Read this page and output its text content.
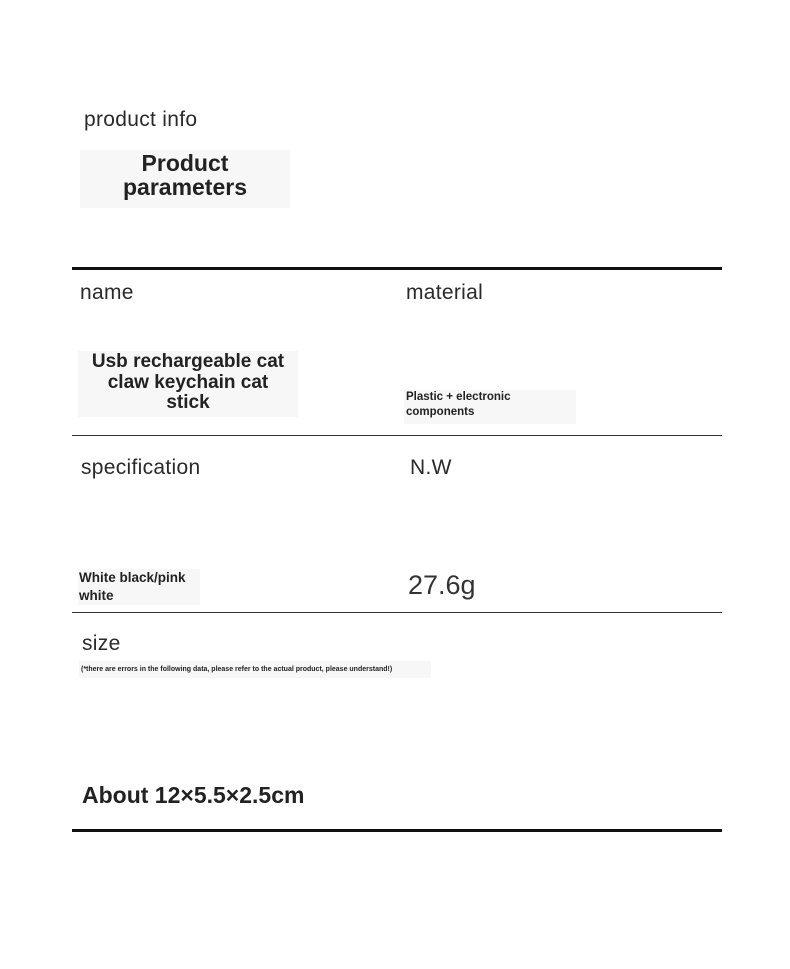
product info
Product
parameters
name	material
Usb rechargeable cat
claw keychain cat
stick	Plastic + electronic
components
specification	N.W
White black/pink
white	27.6g
size
(*there are errors in the following data, please refer to the actual product, please understand!)
About 12×5.5×2.5cm
